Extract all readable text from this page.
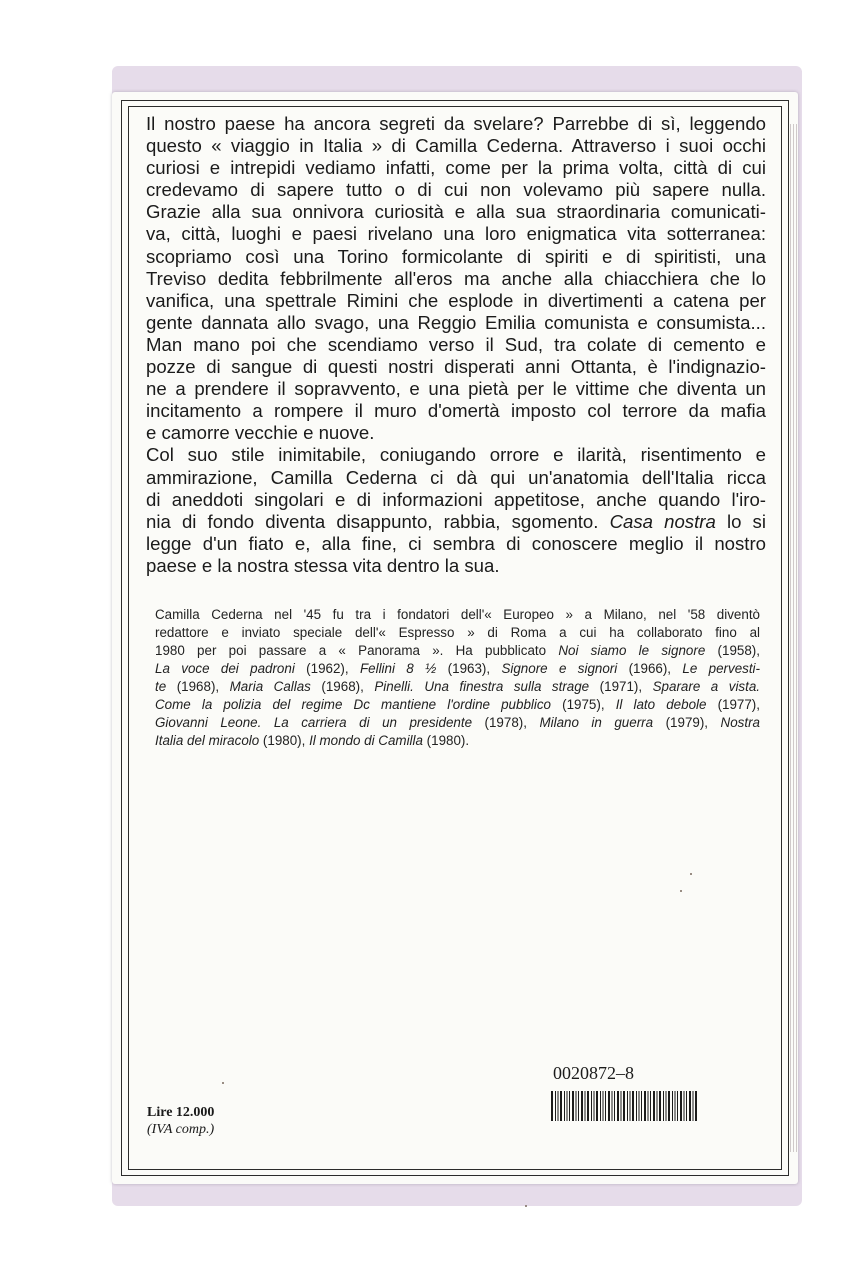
Il nostro paese ha ancora segreti da svelare? Parrebbe di sì, leggendo
questo « viaggio in Italia » di Camilla Cederna. Attraverso i suoi occhi
curiosi e intrepidi vediamo infatti, come per la prima volta, città di cui
credevamo di sapere tutto o di cui non volevamo più sapere nulla.
Grazie alla sua onnivora curiosità e alla sua straordinaria comunicati-
va, città, luoghi e paesi rivelano una loro enigmatica vita sotterranea:
scopriamo così una Torino formicolante di spiriti e di spiritisti, una
Treviso dedita febbrilmente all'eros ma anche alla chiacchiera che lo
vanifica, una spettrale Rimini che esplode in divertimenti a catena per
gente dannata allo svago, una Reggio Emilia comunista e consumista...
Man mano poi che scendiamo verso il Sud, tra colate di cemento e
pozze di sangue di questi nostri disperati anni Ottanta, è l'indignazio-
ne a prendere il sopravvento, e una pietà per le vittime che diventa un
incitamento a rompere il muro d'omertà imposto col terrore da mafia
e camorre vecchie e nuove.
Col suo stile inimitabile, coniugando orrore e ilarità, risentimento e
ammirazione, Camilla Cederna ci dà qui un'anatomia dell'Italia ricca
di aneddoti singolari e di informazioni appetitose, anche quando l'iro-
nia di fondo diventa disappunto, rabbia, sgomento. Casa nostra lo si
legge d'un fiato e, alla fine, ci sembra di conoscere meglio il nostro
paese e la nostra stessa vita dentro la sua.
Camilla Cederna nel '45 fu tra i fondatori dell'« Europeo » a Milano, nel '58 diventò
redattore e inviato speciale dell'« Espresso » di Roma a cui ha collaborato fino al
1980 per poi passare a « Panorama ». Ha pubblicato Noi siamo le signore (1958),
La voce dei padroni (1962), Fellini 8 ½ (1963), Signore e signori (1966), Le pervesti-
te (1968), Maria Callas (1968), Pinelli. Una finestra sulla strage (1971), Sparare a vista.
Come la polizia del regime Dc mantiene l'ordine pubblico (1975), Il lato debole (1977),
Giovanni Leone. La carriera di un presidente (1978), Milano in guerra (1979), Nostra
Italia del miracolo (1980), Il mondo di Camilla (1980).
Lire 12.000
(IVA comp.)
0020872–8
